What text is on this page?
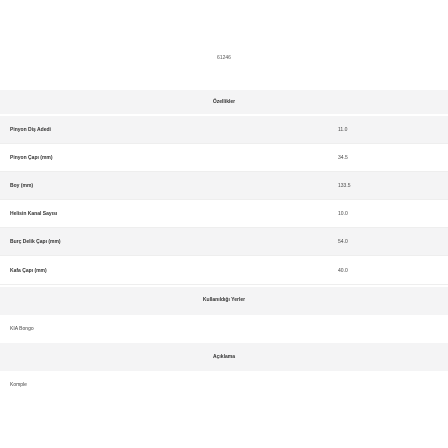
61246
Özellikler
Pinyon Diş Adedi	11.0
Pinyon Çapı (mm)	34.5
Boy (mm)	133.5
Helisin Kanal Sayısı	10.0
Burç Delik Çapı (mm)	54.0
Kafa Çapı (mm)	40.0
Kullanıldığı Yerler
KIA Bongo
Açıklama
Komple
